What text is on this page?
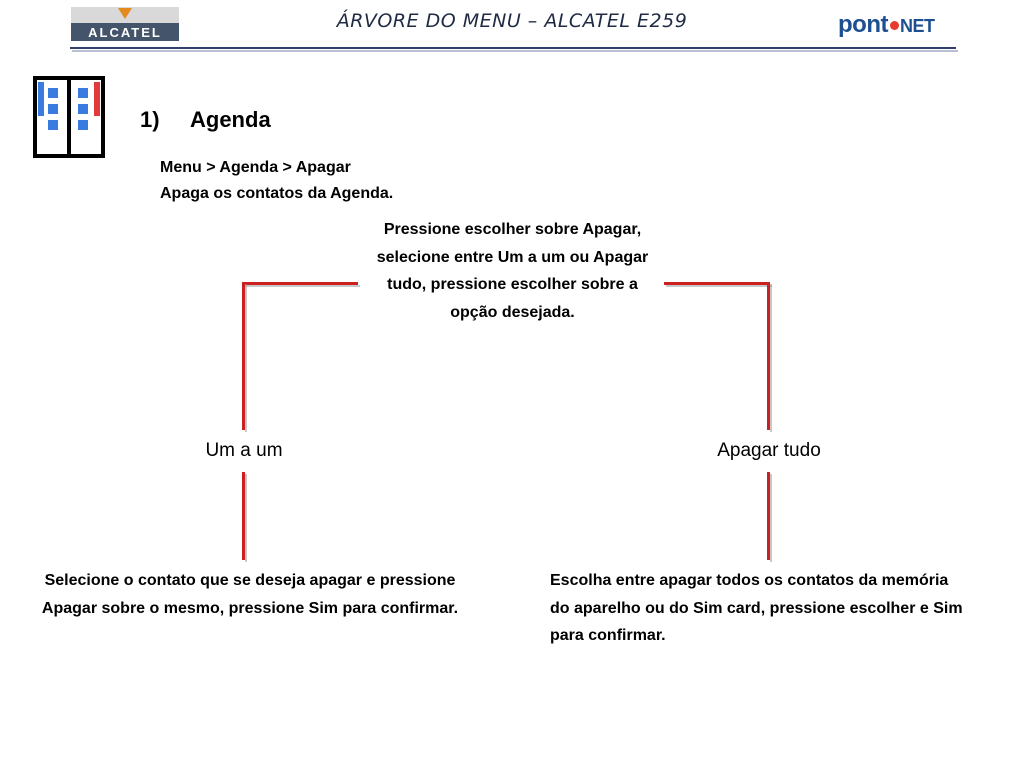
ALCATEL
ÁRVORE DO MENU – ALCATEL E259	pont NET
1) Agenda
Menu > Agenda > Apagar
Apaga os contatos da Agenda.
Pressione escolher sobre Apagar, selecione entre Um a um ou Apagar tudo, pressione escolher sobre a opção desejada.
Um a um	Apagar tudo
Selecione o contato que se deseja apagar e pressione Apagar sobre o mesmo, pressione Sim para confirmar.
Escolha entre apagar todos os contatos da memória do aparelho ou do Sim card, pressione escolher e Sim para confirmar.
